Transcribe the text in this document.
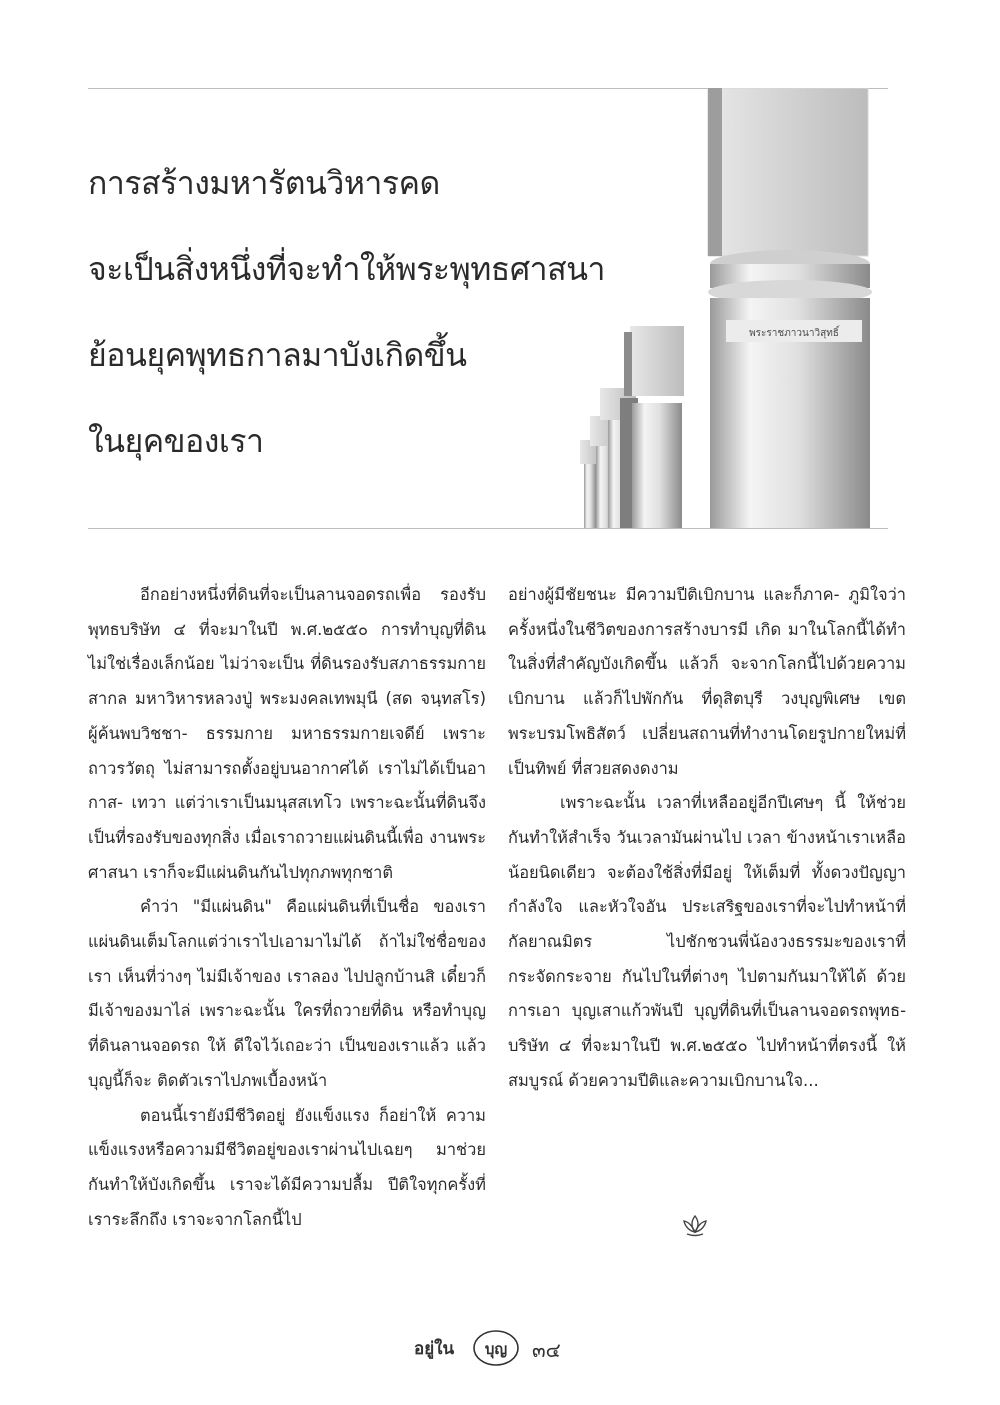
การสร้างมหารัตนวิหารคด
จะเป็นสิ่งหนึ่งที่จะทำให้พระพุทธศาสนา
ย้อนยุคพุทธกาลมาบังเกิดขึ้น
ในยุคของเรา
พระราชภาวนาวิสุทธิ์

อีกอย่างหนึ่งที่ดินที่จะเป็นลานจอดรถเพื่อ รองรับพุทธบริษัท ๔ ที่จะมาในปี พ.ศ.๒๕๕๐ การทำบุญที่ดินไม่ใช่เรื่องเล็กน้อย ไม่ว่าจะเป็น ที่ดินรองรับสภาธรรมกายสากล มหาวิหารหลวงปู่ พระมงคลเทพมุนี (สด จนฺทสโร) ผู้ค้นพบวิชชา- ธรรมกาย มหาธรรมกายเจดีย์ เพราะถาวรวัตถุ ไม่สามารถตั้งอยู่บนอากาศได้ เราไม่ได้เป็นอากาส- เทวา แต่ว่าเราเป็นมนุสสเทโว เพราะฉะนั้นที่ดินจึง เป็นที่รองรับของทุกสิ่ง เมื่อเราถวายแผ่นดินนี้เพื่อ งานพระศาสนา เราก็จะมีแผ่นดินกันไปทุกภพทุกชาติ

คำว่า "มีแผ่นดิน" คือแผ่นดินที่เป็นชื่อ ของเรา แผ่นดินเต็มโลกแต่ว่าเราไปเอามาไม่ได้ ถ้าไม่ใช่ชื่อของเรา เห็นที่ว่างๆ ไม่มีเจ้าของ เราลอง ไปปลูกบ้านสิ เดี๋ยวก็มีเจ้าของมาไล่ เพราะฉะนั้น ใครที่ถวายที่ดิน หรือทำบุญที่ดินลานจอดรถ ให้ ดีใจไว้เถอะว่า เป็นของเราแล้ว แล้วบุญนี้ก็จะ ติดตัวเราไปภพเบื้องหน้า

ตอนนี้เรายังมีชีวิตอยู่ ยังแข็งแรง ก็อย่าให้ ความแข็งแรงหรือความมีชีวิตอยู่ของเราผ่านไปเฉยๆ มาช่วยกันทำให้บังเกิดขึ้น เราจะได้มีความปลื้ม ปีติใจทุกครั้งที่เราระลึกถึง เราจะจากโลกนี้ไป

อย่างผู้มีชัยชนะ มีความปีติเบิกบาน และก็ภาค- ภูมิใจว่า ครั้งหนึ่งในชีวิตของการสร้างบารมี เกิด มาในโลกนี้ได้ทำในสิ่งที่สำคัญบังเกิดขึ้น แล้วก็ จะจากโลกนี้ไปด้วยความเบิกบาน แล้วก็ไปพักกัน ที่ดุสิตบุรี วงบุญพิเศษ เขตพระบรมโพธิสัตว์ เปลี่ยนสถานที่ทำงานโดยรูปกายใหม่ที่เป็นทิพย์ ที่สวยสดงดงาม

เพราะฉะนั้น เวลาที่เหลืออยู่อีกปีเศษๆ นี้ ให้ช่วยกันทำให้สำเร็จ วันเวลามันผ่านไป เวลา ข้างหน้าเราเหลือน้อยนิดเดียว จะต้องใช้สิ่งที่มีอยู่ ให้เต็มที่ ทั้งดวงปัญญา กำลังใจ และหัวใจอัน ประเสริฐของเราที่จะไปทำหน้าที่กัลยาณมิตร	ไปชักชวนพี่น้องวงธรรมะของเราที่กระจัดกระจาย กันไปในที่ต่างๆ ไปตามกันมาให้ได้ ด้วยการเอา บุญเสาแก้วพันปี บุญที่ดินที่เป็นลานจอดรถพุทธ- บริษัท ๔ ที่จะมาในปี พ.ศ.๒๕๕๐ ไปทำหน้าที่ตรงนี้ ให้สมบูรณ์ ด้วยความปีติและความเบิกบานใจ...

อยู่ใน บุญ ๓๔
